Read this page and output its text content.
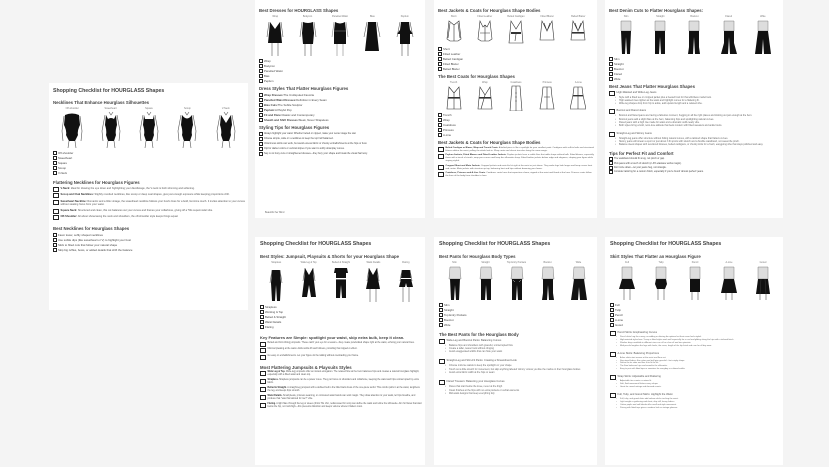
Shopping Checklist for HOURGLASS Shapes
Necklines That Enhance Hourglass Silhouettes
Off-shoulder	Sweetheart	Square	Scoop	V-Neck
Off-shoulder
Sweetheart
Square
Scoop
V-Neck
Flattering Necklines for Hourglass Figures
V-Neck: Ideal for drawing the eye down and highlighting your décolletage, the V-neck is both slimming and softening.
Scoop and Oval Necklines: Slightly rounded necklines, like scoop or deep oval shapes, give just enough exposure while keeping proportions chill.
Sweetheart Neckline: Romantic and a little vintage, the sweetheart neckline follows your bust's lines for a bold, feminine touch. It invites attention to your curves without stealing focus from your waist.
Square Neck: Structured and clean, this cut balances out your curves and frames your collarbone, giving off a '50s supermodel vibe.
Off-Shoulder: All about showcasing the neck and shoulders, the off-shoulder style keeps things equal.
Best Necklines for Hourglass Shapes
Favor lower, softly shaped necklines
Use subtle dips (like sweetheart or V) to highlight your bust
Stick to fitted cuts that follow your natural shape
Skip big ruffles, bows, or added details that shift the balance
Best Dresses for HOURGLASS Shapes
Wrap	Bodycon	Panelled Waist	Bias	Peplum
Wrap
Bodycon
Panelled Waist
Bias
Peplum
Dress Styles That Flatter Hourglass Figures
Wrap Dresses: The Undisputed Favorite
Panelled Waist Dresses: Definition in Every Seam
Bias Cuts: The Subtle Sculptor
Peplum: A Playful Pop
Fit and Flare: Classic and Contemporary
Sheath and Shift Dresses: Sleek, Never Shapeless
Styling Tips for Hourglass Figures
Always highlight your waist: Whether belted or nipped, make your center stage the star.
Choose simple, wide or v-necklines to keep the top half balanced.
Voluminous skirts can work, but avoid excess fabric or chunky embellishments at the hips or bust.
Opt for darker colors or vertical stripes if you want to softly downplay curves.
Say no to boxy cuts or straightened dresses—they bury your shape and break the visual harmony.
Beautiful her Mind
Best Jackets & Coats for Hourglass Shape Bodies
Short	Fitted Leather	Belted Cardigan	Fitted Blazer	Belted Blazer
Short
Fitted Leather
Belted Cardigan
Fitted Blazer
Belted Blazer
The Best Coats for Hourglass Shapes
Trench	Wrap	Coatdress	Princess	A-Line
Trench
Wrap
Coatdress
Princess
A-Line
Best Jackets & Coats for Hourglass Shape Bodies
Belted Cardigan or Blazer, Wrap and Trench Coats. A belted piece is like a spotlight for your smallest point. Cardigans with self-tie belts and structured blazers define the waist, pulling the whole look in. Wrap coats and classic trenches bring the same magic.
Peplum Jackets, Fitted Blazers and Fitted Leather Jackets. Peplum jackets have a subtle flare that adds shape without bulk. Fitted blazers, especially those with a touch of stretch, wrap your curves and keep the silhouette sharp. Fitted leather jackets deliver edge and elegance, shaping your figure while staying stylish.
Cropped Short and Moto Jackets. Cropped jackets and moto fits hit right at the waist or just above. They make legs look longer and keep curves front and center. Moto jackets with structure up top, balancing bust and hips without drowning your frame.
Coatdress, Princess and A-Line Coats. Coatdress coats have that equestrian charm, nipped at the waist and flared at the hem. Princess coats follow the lines of the body from shoulder to hem.
Best Denim Cuts to Flatter Hourglass Shapes:
Slim	Straight	Bootcut	Flared	Wide
Slim
Straight
Bootcut
Flared
Wide
Best Jeans That Flatter Hourglass Shapes
High-Waisted and Wide-Leg Jeans
• Style with a fitted tee or cropped jacket plus a heeled boot for that effortless model look.
• High-waisted rises tighten at the waist and highlight curves for a flattering fit.
• Wide-leg shapes drop from hip to ankle, add upward length and a relaxed vibe.
Bootcut and Flared Jeans
• Bootcut and flared jeans are having a fabulous moment, hugging in all the right places and kicking out just enough at the hem.
• Bootcut jeans add a slight flare at the hem, balancing hips and spotlighting natural curves.
• Flared jeans with a high rise made for waist and a dramatic outfit-ready vibe.
• Both styles bring a bold, retro-luxe attitude that feels modern with fitted sweaters and ankle boots.
Straight-Leg and Skinny Jeans
• Straight-leg jeans offer structure without hiding natural curves, with a tailored shape that flatters curves.
• Skinny jeans will stream a sport or just about 3 fit sports with stretch and a flexible waistband, not sweat the pinch.
• Balance sleek shapes with oversized blouses, belted cardigans, or chunky knits for a fresh, easygoing vibe that stays polished and easy.
Tips for Perfect Fit and Comfort
The waistband should fit snug, not pinch or gap.
Pick jeans with a touch of stretch (2–3% elastane works magic).
Don't size down—let your jeans hug, not strangle.
Consider tailoring for a custom finish, especially if you're found 'almost perfect' jeans.
Shopping Checklist for HOURGLASS Shapes
Best Styles: Jumpsuit, Playsuits & Shorts for your Hourglass Shape
Strapless	Wide leg & Top	Belted & Straight	Waist Details	Flaring
Strapless
Working & Top
Belted & Straight
Waist Details
Flaring
Key Features are Simple: spotlight your waist, skip extra bulk, keep it clean.
Belted and form-fitting jumpsuits. These catch your eye for a reason—they create purebodied shape right at the waist, echoing your natural lines.
Minimal pleating at the waist. Adds subtle lift and fullness, providing that nipped-in effect.
Go easy on embellishments. Let your figure do the talking without overloading your frame.
Most Flattering Jumpsuits & Playsuits Styles
Wide Leg & Top. Wide-leg jumpsuits offer an instant elongation. The relaxed flow at the hem balances hips and creates a natural hourglass highlight, especially with a fitted waist and clean top.
Strapless. Strapless jumpsuits can be a power move. They put focus on shoulders and collarbone, keeping the waist and hips uninterrupted by extra fabric.
Belted & Straight. A straight-leg jumpsuit with a defined belt is the little black dress of the one-piece world. This combo pulls in at the waist, lengthens the leg, and keeps hips smooth.
Waist Details. Small pleats, princess seaming, or contoured waist bands can work magic. They draw attention to your waist, let hips breathe, and produce that "was this tailored for me?" vibe.
Flaring. A light flare through the leg or sleeve (think 70s chic, rediscussed for now) can define the waist and refine the silhouette. Aim for flares that start below the hip, not mid-thigh—this prevents distortion and keeps volume where it flatters most.
Shopping Checklist for HOURGLASS Shapes
Best Pants for Hourglass Body Types
Slim	Straight	Top Entry Pockets	Bootcut	Wide
Slim
Straight
Top Entry Pockets
Bootcut
Wide
The Best Pants for the Hourglass Body
Wide-Leg and Bootcut Pants: Balancing Curves
• Balance hips and shoulders with graceful, uninterrupted flow
• Create a taller, leaner look without clinging
• Avoid exaggerated widths that can hide your waist
Straight-Leg and Slim-Fit Pants: Creating a Streamlined Look
• Choose mid-rise waists to keep the spotlight on your shape
• Touch out a little stretch for movement, but skip anything labeled 'skinny' unless you like the marks on their hourglass bodies
• Avoid extra fabric width at the hips or seam
Flared Trousers: Balancing your Hourglass Curves
• Flares that start below the knee, never at the thigh
• Clean finishes at the hips with no extra pockets or verbal elements
• Mid-waist designs that keep everything tidy
Shopping Checklist for HOURGLASS Shapes
Skirt Styles That Flatter an Hourglass Figure
Full	Tulip	Pencil	A-Line	Gored
Full
Tulip
Pencil
A-Line
Gored
Pencil Skirts: Emphasizing Curves
• Pencil skirts hug the curvey, no adding or altering the options but their never feels styled.
• High-waisted styles bow: Tuesy or fitted styles work well especially for a cool and gliding along the hips with a tailored finish.
• Slimline biuys available in different rises can sill on chan all and too sytesiate.
• Midi pencils lengthen the legs with heels; the cross, length of the hip finish and care for all day wear.
A-Line Skirts: Balancing Proportions
• A-line skirts start narrow at the waist and flare out.
• Structured fabrics like cotton and twill give graceful—but crisply shape.
• Define the tie sitter and fine fit to fit the hit.
• The flare balances hips and smooths the silhouette.
• Easy to pair with fitted tops or sweaters for everyday or cultured outfits.
Wrap Skirts: Adjustable and Flattering
• Adjustable ties create a custom fit.
• Soft, fluid movement flatters every shape.
• Great for casual outings and dressed events.
Full, Tulip, and Gored Skirts: Highlight the Waist
• Full, tulip, and gored skirts add volume while cinching the waist.
• Light weight or gathering work best; skip stiff, heavy fabrics.
• Cotton poplin and soft blends offer swell and style movement.
• Pairing with fitted tops gives a modern look or vintage glamour.
